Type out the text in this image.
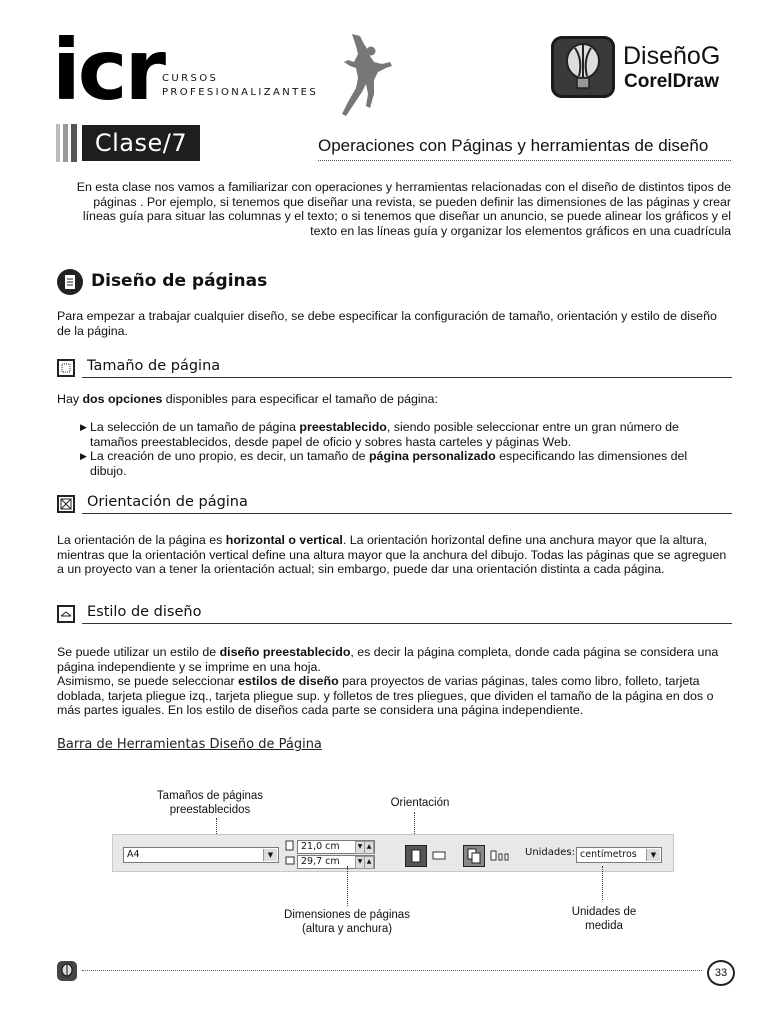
icr
CURSOS
PROFESIONALIZANTES
DiseñoG
CorelDraw
Clase/7	Operaciones con Páginas y herramientas de diseño
En esta clase nos vamos a familiarizar con operaciones y herramientas relacionadas con el diseño de distintos tipos de páginas . Por ejemplo, si tenemos que diseñar una revista, se pueden definir las dimensiones de las páginas y crear líneas guía para situar las columnas y el texto; o si tenemos que diseñar un anuncio, se puede alinear los gráficos y el texto en las líneas guía y organizar los elementos gráficos en una cuadrícula
Diseño de páginas
Para empezar a trabajar cualquier diseño, se debe especificar la configuración de tamaño, orientación y estilo de diseño de la página.
Tamaño de página
Hay dos opciones disponibles para especificar el tamaño de página:
▶ La selección de un tamaño de página preestablecido, siendo posible seleccionar entre un gran número de tamaños preestablecidos, desde papel de oficio y sobres hasta carteles y páginas Web.
▶ La creación de uno propio, es decir, un tamaño de página personalizado especificando las dimensiones del dibujo.
Orientación de página
La orientación de la página es horizontal o vertical. La orientación horizontal define una anchura mayor que la altura, mientras que la orientación vertical define una altura mayor que la anchura del dibujo. Todas las páginas que se agreguen a un proyecto van a tener la orientación actual; sin embargo, puede dar una orientación distinta a cada página.
Estilo de diseño
Se puede utilizar un estilo de diseño preestablecido, es decir la página completa, donde cada página se considera una página independiente y se imprime en una hoja.
Asimismo, se puede seleccionar estilos de diseño para proyectos de varias páginas, tales como libro, folleto, tarjeta doblada, tarjeta pliegue izq., tarjeta pliegue sup. y folletos de tres pliegues, que dividen el tamaño de la página en dos o más partes iguales. En los estilo de diseños cada parte se considera una página independiente.
Barra de Herramientas Diseño de Página
Tamaños de páginas
preestablecidos
Orientación
A4	▼
21,0 cm	▼ ▲
29,7 cm	▼ ▲
Unidades: centímetros	▼
Dimensiones de páginas
(altura y anchura)
Unidades de
medida
33
